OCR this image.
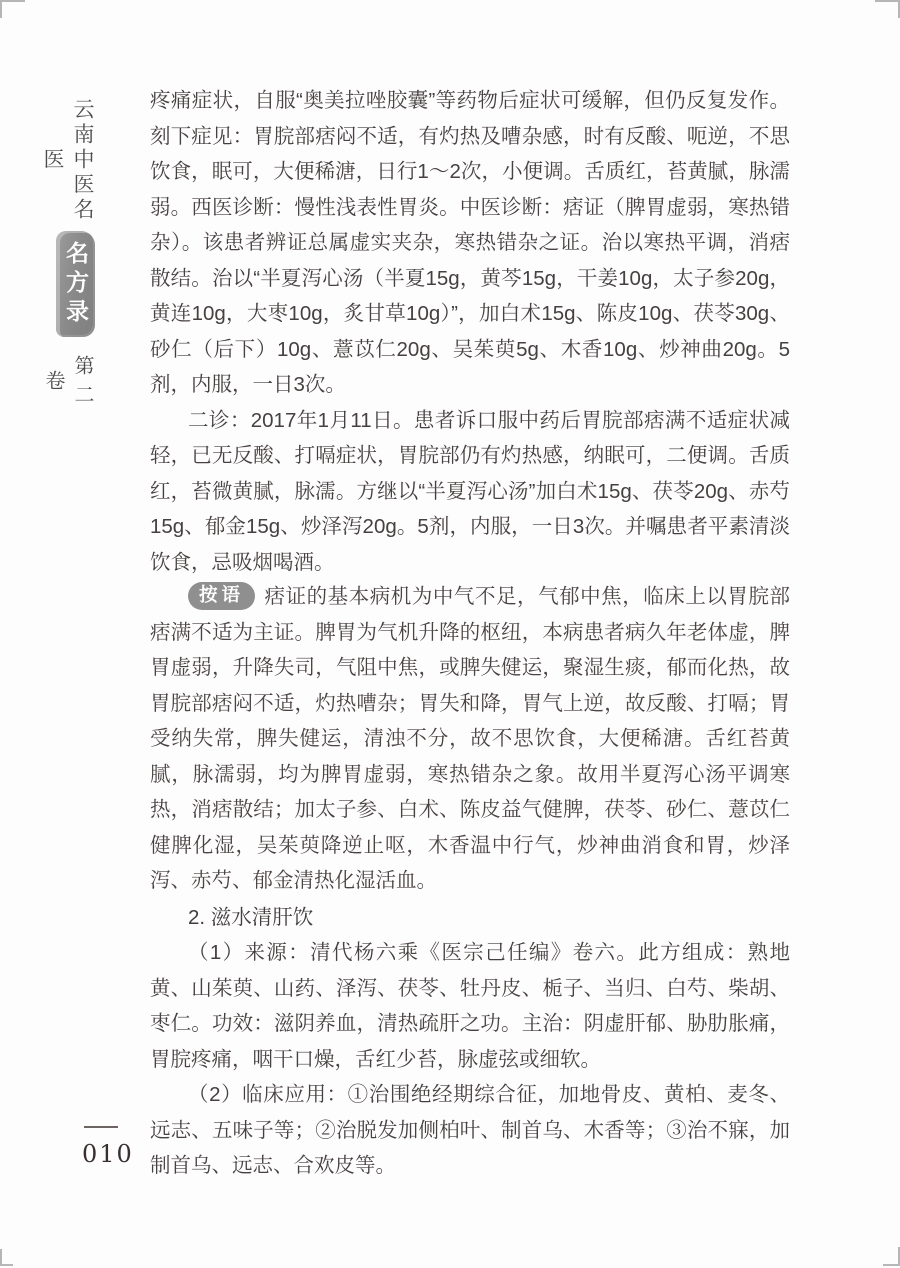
云南中医名医
名方录
第二卷

疼痛症状，自服“奥美拉唑胶囊”等药物后症状可缓解，但仍反复发作。刻下症见：胃脘部痞闷不适，有灼热及嘈杂感，时有反酸、呃逆，不思饮食，眠可，大便稀溏，日行1～2次，小便调。舌质红，苔黄腻，脉濡弱。西医诊断：慢性浅表性胃炎。中医诊断：痞证（脾胃虚弱，寒热错杂）。该患者辨证总属虚实夹杂，寒热错杂之证。治以寒热平调，消痞散结。治以“半夏泻心汤（半夏15g，黄芩15g，干姜10g，太子参20g，黄连10g，大枣10g，炙甘草10g）”，加白术15g、陈皮10g、茯苓30g、砂仁（后下）10g、薏苡仁20g、吴茱萸5g、木香10g、炒神曲20g。5剂，内服，一日3次。

二诊：2017年1月11日。患者诉口服中药后胃脘部痞满不适症状减轻，已无反酸、打嗝症状，胃脘部仍有灼热感，纳眠可，二便调。舌质红，苔微黄腻，脉濡。方继以“半夏泻心汤”加白术15g、茯苓20g、赤芍15g、郁金15g、炒泽泻20g。5剂，内服，一日3次。并嘱患者平素清淡饮食，忌吸烟喝酒。

按语 痞证的基本病机为中气不足，气郁中焦，临床上以胃脘部痞满不适为主证。脾胃为气机升降的枢纽，本病患者病久年老体虚，脾胃虚弱，升降失司，气阻中焦，或脾失健运，聚湿生痰，郁而化热，故胃脘部痞闷不适，灼热嘈杂；胃失和降，胃气上逆，故反酸、打嗝；胃受纳失常，脾失健运，清浊不分，故不思饮食，大便稀溏。舌红苔黄腻，脉濡弱，均为脾胃虚弱，寒热错杂之象。故用半夏泻心汤平调寒热，消痞散结；加太子参、白术、陈皮益气健脾，茯苓、砂仁、薏苡仁健脾化湿，吴茱萸降逆止呕，木香温中行气，炒神曲消食和胃，炒泽泻、赤芍、郁金清热化湿活血。

2. 滋水清肝饮

（1）来源：清代杨六乘《医宗己任编》卷六。此方组成：熟地黄、山茱萸、山药、泽泻、茯苓、牡丹皮、栀子、当归、白芍、柴胡、枣仁。功效：滋阴养血，清热疏肝之功。主治：阴虚肝郁、胁肋胀痛，胃脘疼痛，咽干口燥，舌红少苔，脉虚弦或细软。

（2）临床应用：①治围绝经期综合征，加地骨皮、黄柏、麦冬、远志、五味子等；②治脱发加侧柏叶、制首乌、木香等；③治不寐，加制首乌、远志、合欢皮等。

010
